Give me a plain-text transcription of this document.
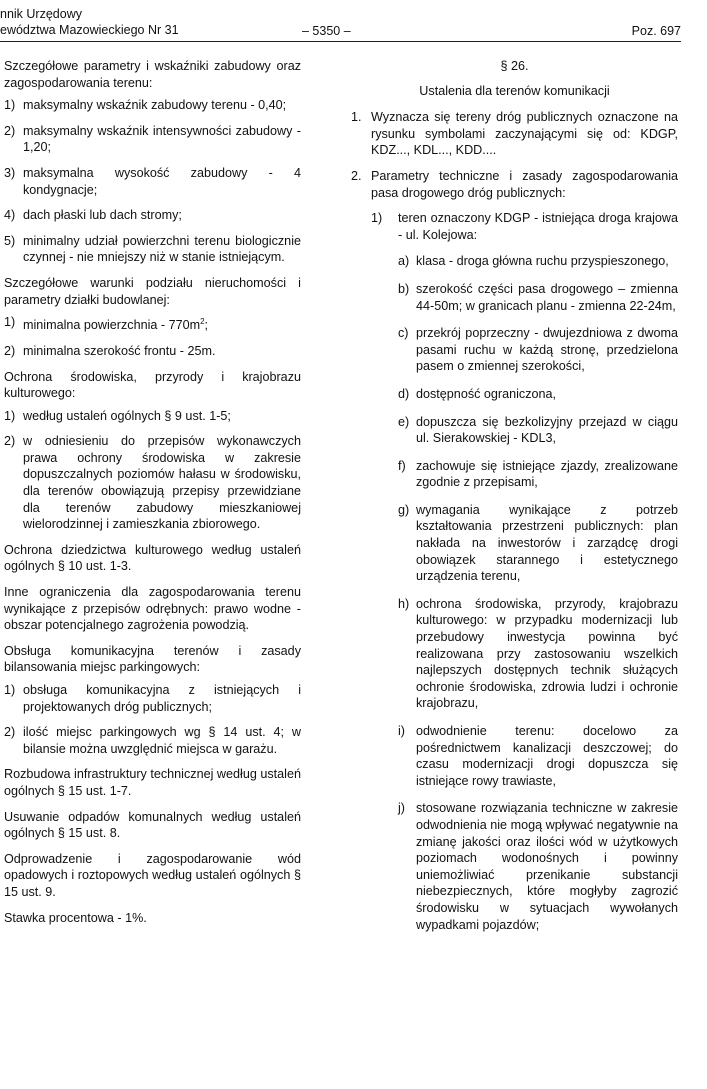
nnik Urzędowy
ewództwa Mazowieckiego Nr 31	– 5350 –	Poz. 697

Szczegółowe parametry i wskaźniki zabudowy oraz zagospodarowania terenu:

1) maksymalny wskaźnik zabudowy terenu - 0,40;
2) maksymalny wskaźnik intensywności zabudowy - 1,20;
3) maksymalna wysokość zabudowy - 4 kondygnacje;
4) dach płaski lub dach stromy;
5) minimalny udział powierzchni terenu biologicznie czynnej - nie mniejszy niż w stanie istniejącym.

Szczegółowe warunki podziału nieruchomości i parametry działki budowlanej:

1) minimalna powierzchnia - $770m^2$;
2) minimalna szerokość frontu - 25m.

Ochrona środowiska, przyrody i krajobrazu kulturowego:

1) według ustaleń ogólnych § 9 ust. 1-5;
2) w odniesieniu do przepisów wykonawczych prawa ochrony środowiska w zakresie dopuszczalnych poziomów hałasu w środowisku, dla terenów obowiązują przepisy przewidziane dla terenów zabudowy mieszkaniowej wielorodzinnej i zamieszkania zbiorowego.

Ochrona dziedzictwa kulturowego według ustaleń ogólnych § 10 ust. 1-3.

Inne ograniczenia dla zagospodarowania terenu wynikające z przepisów odrębnych: prawo wodne - obszar potencjalnego zagrożenia powodzią.

Obsługa komunikacyjna terenów i zasady bilansowania miejsc parkingowych:

1) obsługa komunikacyjna z istniejących i projektowanych dróg publicznych;
2) ilość miejsc parkingowych wg § 14 ust. 4; w bilansie można uwzględnić miejsca w garażu.

Rozbudowa infrastruktury technicznej według ustaleń ogólnych § 15 ust. 1-7.

Usuwanie odpadów komunalnych według ustaleń ogólnych § 15 ust. 8.

Odprowadzenie i zagospodarowanie wód opadowych i roztopowych według ustaleń ogólnych § 15 ust. 9.

Stawka procentowa - 1%.

§ 26.

Ustalenia dla terenów komunikacji

1. Wyznacza się tereny dróg publicznych oznaczone na rysunku symbolami zaczynającymi się od: KDGP, KDZ..., KDL..., KDD....
2. Parametry techniczne i zasady zagospodarowania pasa drogowego dróg publicznych:
1)	teren oznaczony KDGP - istniejąca droga krajowa - ul. Kolejowa:
a) klasa - droga główna ruchu przyspieszonego,
b) szerokość części pasa drogowego – zmienna 44-50m; w granicach planu - zmienna 22-24m,
c) przekrój poprzeczny - dwujezdniowa z dwoma pasami ruchu w każdą stronę, przedzielona pasem o zmiennej szerokości,
d) dostępność ograniczona,
e) dopuszcza się bezkolizyjny przejazd w ciągu ul. Sierakowskiej - KDL3,
f) zachowuje się istniejące zjazdy, zrealizowane zgodnie z przepisami,
g) wymagania wynikające z potrzeb kształtowania przestrzeni publicznych: plan nakłada na inwestorów i zarządcę drogi obowiązek starannego i estetycznego urządzenia terenu,
h) ochrona środowiska, przyrody, krajobrazu kulturowego: w przypadku modernizacji lub przebudowy inwestycja powinna być realizowana przy zastosowaniu wszelkich najlepszych dostępnych technik służących ochronie środowiska, zdrowia ludzi i ochronie krajobrazu,
i) odwodnienie terenu: docelowo za pośrednictwem kanalizacji deszczowej; do czasu modernizacji drogi dopuszcza się istniejące rowy trawiaste,
j) stosowane rozwiązania techniczne w zakresie odwodnienia nie mogą wpływać negatywnie na zmianę jakości oraz ilości wód w użytkowych poziomach wodonośnych i powinny uniemożliwiać przenikanie substancji niebezpiecznych, które mogłyby zagrozić środowisku w sytuacjach wywołanych wypadkami pojazdów;
